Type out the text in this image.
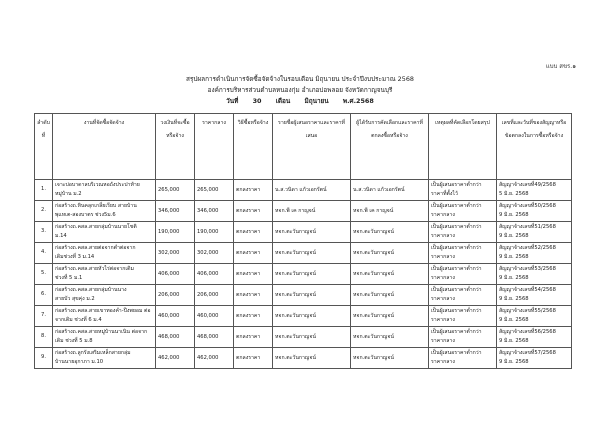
แบบ สขร.๑
สรุปผลการดำเนินการจัดซื้อจัดจ้างในรอบเดือน มิถุนายน ประจำปีงบประมาณ 2568
องค์การบริหารส่วนตำบลหนองกุ่ม อำเภอบ่อพลอย จังหวัดกาญจนบุรี
วันที่ 30 เดือน มิถุนายน พ.ศ.2568
ลำดับ ที่	งานที่จัดซื้อจัดจ้าง	วงเงินที่จะซื้อหรือจ้าง	ราคากลาง	วิธีซื้อหรือจ้าง	รายชื่อผู้เสนอราคาและราคาที่เสนอ	ผู้ได้รับการคัดเลือกและราคาที่ตกลงซื้อหรือจ้าง	เหตุผลที่คัดเลือกโดยสรุป	เลขที่และวันที่ของสัญญาหรือข้อตกลงในการซื้อหรือจ้าง

1.	เจาะบ่อบาดาลบริเวณหอถังประปาท้าย
หมู่บ้าน ม.2	265,000	265,000	ตกลงราคา	น.ส.วนิดา แก้วเอกรัตน์	น.ส.วนิดา แก้วเอกรัตน์	เป็นผู้เสนอราคาต่ำกว่า
ราคาที่ตั้งไว้	สัญญาจ้างเลขที่49/2568
5 มิ.ย. 2568

2.	ก่อสร้างถ.หินคลุกเกลี่ยเรียบ สายบ้าน
พุแหเต-สองบาตร ช่วง5ม.6	346,000	346,000	ตกลงราคา	หจก.พี เค กาญจน์	หจก.พี เค กาญจน์	เป็นผู้เสนอราคาต่ำกว่า
ราคากลาง	สัญญาจ้างเลขที่50/2568
9 มิ.ย. 2568

3.	ก่อสร้างถ.คสล.สายกลุ่มบ้านนายโชติ
ม.14	190,000	190,000	ตกลงราคา	หจก.ตะวันกาญจน์	หจก.ตะวันกาญจน์	เป็นผู้เสนอราคาต่ำกว่า
ราคากลาง	สัญญาจ้างเลขที่51/2568
9 มิ.ย. 2568

4.	ก่อสร้างถ.คสล.สายต่อจากตำต่อจาก
เดิมช่วงที่ 3 ม.14	302,000	302,000	ตกลงราคา	หจก.ตะวันกาญจน์	หจก.ตะวันกาญจน์	เป็นผู้เสนอราคาต่ำกว่า
ราคากลาง	สัญญาจ้างเลขที่52/2568
9 มิ.ย. 2568

5.	ก่อสร้างถ.คสล.สายหัวไร่ต่อจากเดิม
ช่วงที่ 5 ม.1	406,000	406,000	ตกลงราคา	หจก.ตะวันกาญจน์	หจก.ตะวันกาญจน์	เป็นผู้เสนอราคาต่ำกว่า
ราคากลาง	สัญญาจ้างเลขที่53/2568
9 มิ.ย. 2568

6.	ก่อสร้างถ.คสล.สายกลุ่มบ้านนาง
สายบัว สุขคุ่ง ม.2	206,000	206,000	ตกลงราคา	หจก.ตะวันกาญจน์	หจก.ตะวันกาญจน์	เป็นผู้เสนอราคาต่ำกว่า
ราคากลาง	สัญญาจ้างเลขที่54/2568
9 มิ.ย. 2568

7.	ก่อสร้างถ.คสล.สายเขาทองคำ-ปีงพยอม ต่อ
จากเดิม ช่วงที่ 6 ม.4	460,000	460,000	ตกลงราคา	หจก.ตะวันกาญจน์	หจก.ตะวันกาญจน์	เป็นผู้เสนอราคาต่ำกว่า
ราคากลาง	สัญญาจ้างเลขที่55/2568
9 มิ.ย. 2568

8.	ก่อสร้างถ.คสล.สายหมู่บ้านนาเนิน ต่อจาก
เดิม ช่วงที่ 5 ม.8	468,000	468,000	ตกลงราคา	หจก.ตะวันกาญจน์	หจก.ตะวันกาญจน์	เป็นผู้เสนอราคาต่ำกว่า
ราคากลาง	สัญญาจ้างเลขที่56/2568
9 มิ.ย. 2568

9.	ก่อสร้างถ.ลูกรังเสริมเหล็กสายกลุ่ม
บ้านนายอุกาภา ม.10	462,000	462,000	ตกลงราคา	หจก.ตะวันกาญจน์	หจก.ตะวันกาญจน์	เป็นผู้เสนอราคาต่ำกว่า
ราคากลาง	สัญญาจ้างเลขที่57/2568
9 มิ.ย. 2568
